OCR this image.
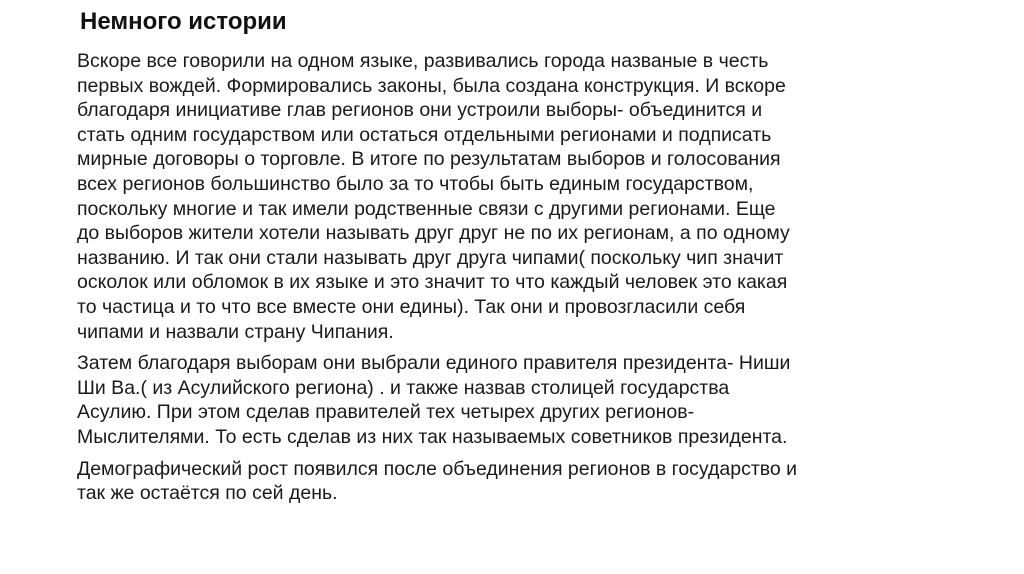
Немного истории

Вскоре все говорили на одном языке, развивались города названые в честь
первых вождей. Формировались законы, была создана конструкция. И вскоре
благодаря инициативе глав регионов они устроили выборы- объединится и
стать одним государством или остаться отдельными регионами и подписать
мирные договоры о торговле. В итоге по результатам выборов и голосования
всех регионов большинство было за то чтобы быть единым государством,
поскольку многие и так имели родственные связи с другими регионами. Еще
до выборов жители хотели называть друг друг не по их регионам, а по одному
названию. И так они стали называть друг друга чипами( поскольку чип значит
осколок или обломок в их языке и это значит то что каждый человек это какая
то частица и то что все вместе они едины). Так они и провозгласили себя
чипами и назвали страну Чипания.

Затем благодаря выборам они выбрали единого правителя президента- Ниши
Ши Ва.( из Асулийского региона) . и также назвав столицей государства
Асулию. При этом сделав правителей тех четырех других регионов-
Мыслителями. То есть сделав из них так называемых советников президента.

Демографический рост появился после объединения регионов в государство и
так же остаётся по сей день.
